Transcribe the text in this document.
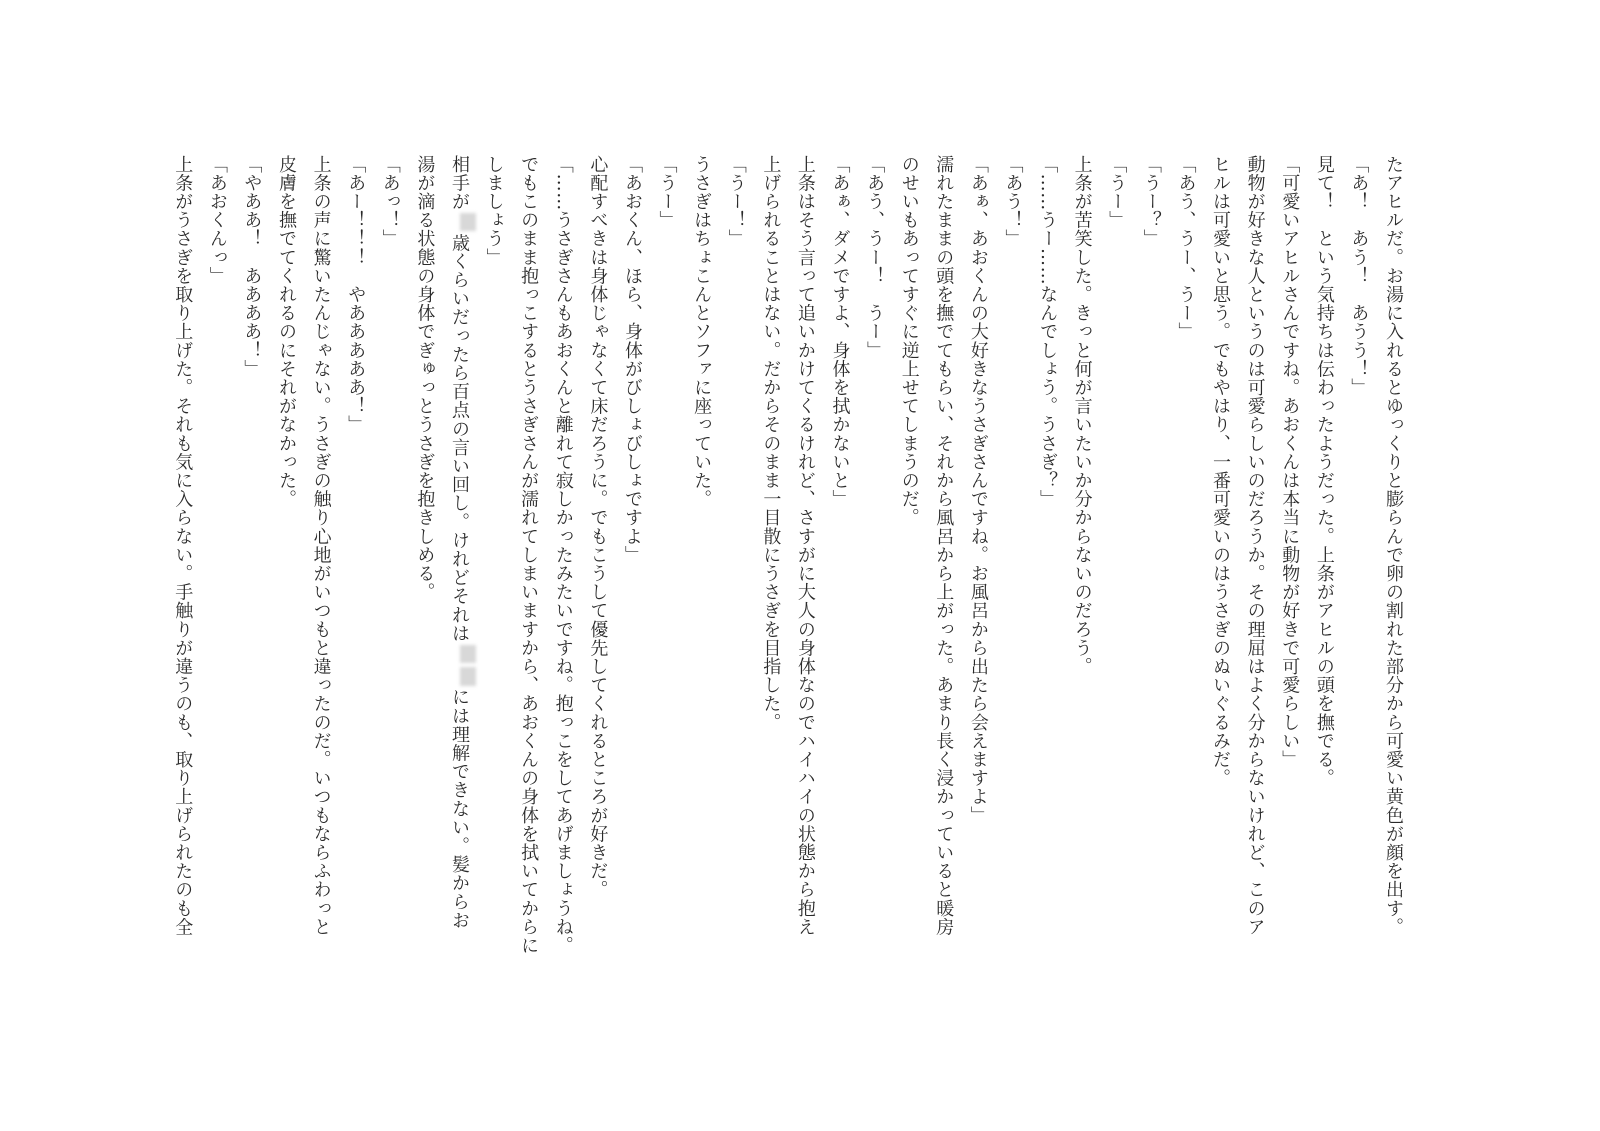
たアヒルだ。お湯に入れるとゆっくりと膨らんで卵の割れた部分から可愛い黄色が顔を出す。

「あ！　あう！　あうう！」

見て！　という気持ちは伝わったようだった。上条がアヒルの頭を撫でる。

「可愛いアヒルさんですね。あおくんは本当に動物が好きで可愛らしい」

動物が好きな人というのは可愛らしいのだろうか。その理屈はよく分からないけれど、このア

ヒルは可愛いと思う。でもやはり、一番可愛いのはうさぎのぬいぐるみだ。

「あう、うー、うー」

「うー？」

「うー」

上条が苦笑した。きっと何が言いたいか分からないのだろう。

「……うー……なんでしょう。うさぎ？」

「あう！」

「あぁ、あおくんの大好きなうさぎさんですね。お風呂から出たら会えますよ」

濡れたままの頭を撫でてもらい、それから風呂から上がった。あまり長く浸かっていると暖房

のせいもあってすぐに逆上せてしまうのだ。

「あう、うー！　うー」

「あぁ、ダメですよ、身体を拭かないと」

上条はそう言って追いかけてくるけれど、さすがに大人の身体なのでハイハイの状態から抱え

上げられることはない。だからそのまま一目散にうさぎを目指した。

「うー！」

うさぎはちょこんとソファに座っていた。

「うー」

「あおくん、ほら、身体がびしょびしょですよ」

心配すべきは身体じゃなくて床だろうに。でもこうして優先してくれるところが好きだ。

「……うさぎさんもあおくんと離れて寂しかったみたいですね。抱っこをしてあげましょうね。

でもこのまま抱っこするとうさぎさんが濡れてしまいますから、あおくんの身体を拭いてからに

しましょう」

相手が歳くらいだったら百点の言い回し。けれどそれはには理解できない。髪からお

湯が滴る状態の身体でぎゅっとうさぎを抱きしめる。

「あっ！」

「あー！！！　やあああああ！」

上条の声に驚いたんじゃない。うさぎの触り心地がいつもと違ったのだ。いつもならふわっと

皮膚を撫でてくれるのにそれがなかった。

「やああ！　ああああ！」

「あおくんっ」

上条がうさぎを取り上げた。それも気に入らない。手触りが違うのも、取り上げられたのも全
